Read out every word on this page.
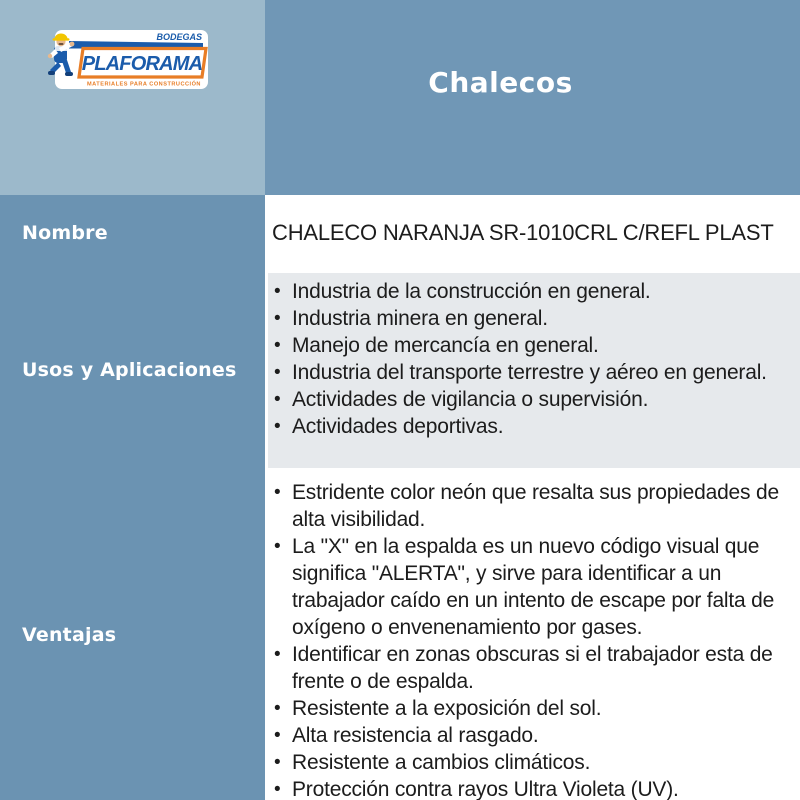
BODEGAS
PLAFORAMA
MATERIALES PARA CONSTRUCCIÓN	Chalecos
Nombre
Usos y Aplicaciones
Ventajas
CHALECO NARANJA SR-1010CRL C/REFL PLAST
• Industria de la construcción en general.
• Industria minera en general.
• Manejo de mercancía en general.
• Industria del transporte terrestre y aéreo en general.
• Actividades de vigilancia o supervisión.
• Actividades deportivas.
• Estridente color neón que resalta sus propiedades de alta visibilidad.
• La "X" en la espalda es un nuevo código visual que significa "ALERTA", y sirve para identificar a un trabajador caído en un intento de escape por falta de oxígeno o envenenamiento por gases.
• Identificar en zonas obscuras si el trabajador esta de frente o de espalda.
• Resistente a la exposición del sol.
• Alta resistencia al rasgado.
• Resistente a cambios climáticos.
• Protección contra rayos Ultra Violeta (UV).
